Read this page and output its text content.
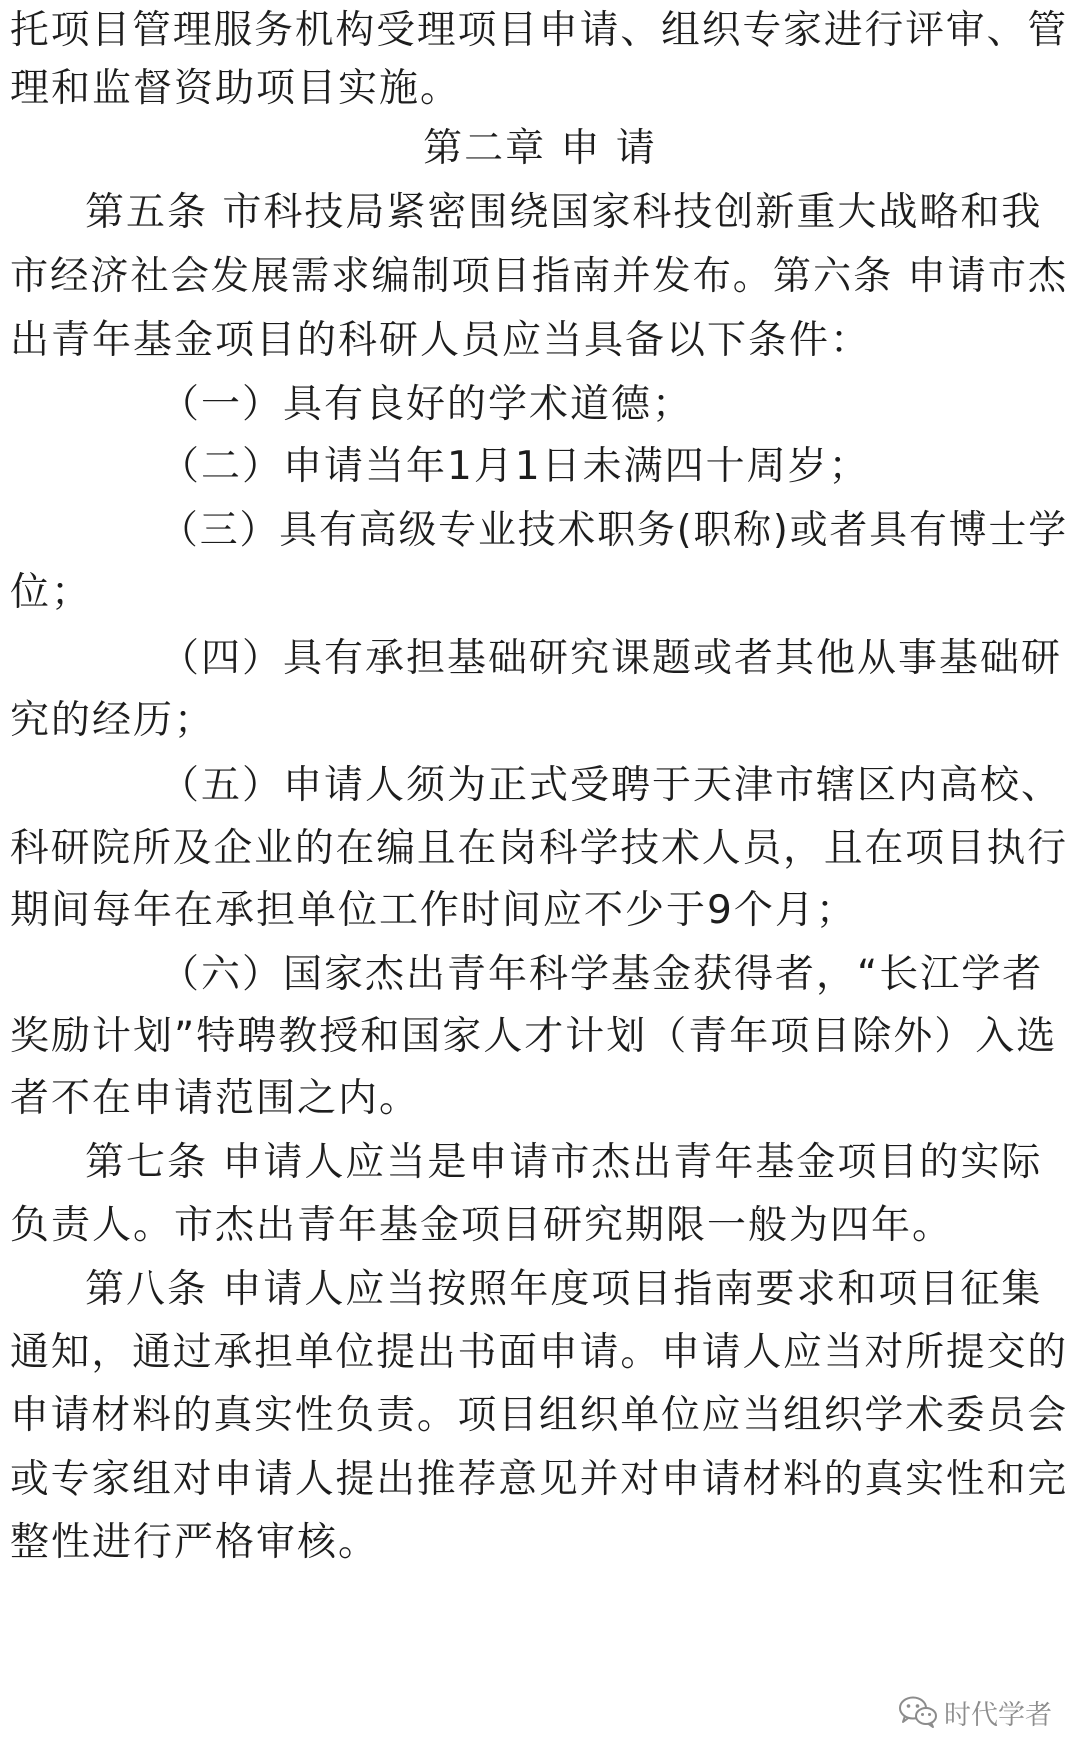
托项目管理服务机构受理项目申请、组织专家进行评审、管
理和监督资助项目实施。
第二章 申 请
第五条 市科技局紧密围绕国家科技创新重大战略和我
市经济社会发展需求编制项目指南并发布。第六条 申请市杰
出青年基金项目的科研人员应当具备以下条件：
（一）具有良好的学术道德；
（二）申请当年1月1日未满四十周岁；
（三）具有高级专业技术职务(职称)或者具有博士学
位；
（四）具有承担基础研究课题或者其他从事基础研
究的经历；
（五）申请人须为正式受聘于天津市辖区内高校、
科研院所及企业的在编且在岗科学技术人员，且在项目执行
期间每年在承担单位工作时间应不少于9个月；
（六）国家杰出青年科学基金获得者，“长江学者
奖励计划”特聘教授和国家人才计划（青年项目除外）入选
者不在申请范围之内。
第七条 申请人应当是申请市杰出青年基金项目的实际
负责人。市杰出青年基金项目研究期限一般为四年。
第八条 申请人应当按照年度项目指南要求和项目征集
通知，通过承担单位提出书面申请。申请人应当对所提交的
申请材料的真实性负责。项目组织单位应当组织学术委员会
或专家组对申请人提出推荐意见并对申请材料的真实性和完
整性进行严格审核。
时代学者
